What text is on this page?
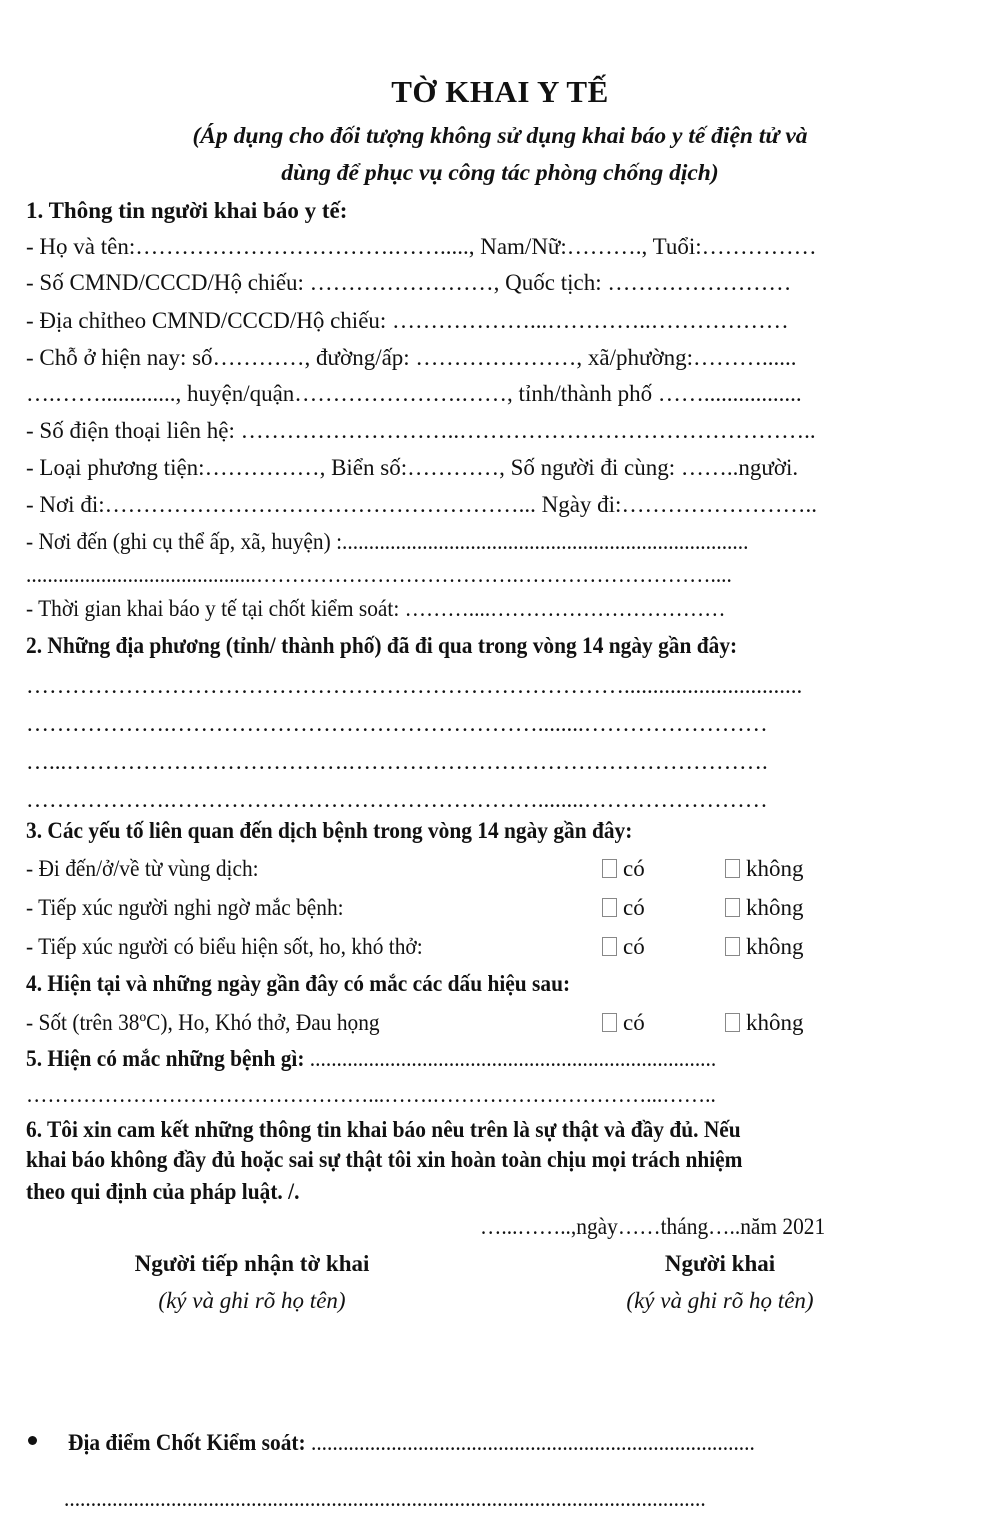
TỜ KHAI Y TẾ
(Áp dụng cho đối tượng không sử dụng khai báo y tế điện tử và
dùng để phục vụ công tác phòng chống dịch)
1. Thông tin người khai báo y tế:
- Họ và tên:…………………………….……....., Nam/Nữ:………., Tuổi:……………
- Số CMND/CCCD/Hộ chiếu: ……………………, Quốc tịch: ……………………
- Địa chỉtheo CMND/CCCD/Hộ chiếu: ………………...…………..………………
- Chỗ ở hiện nay: số…………, đường/ấp: …………………, xã/phường:………......
….……............., huyện/quận………………….……, tỉnh/thành phố …….................
- Số điện thoại liên hệ: ………………………..………………………………………..
- Loại phương tiện:……………, Biển số:…………, Số người đi cùng: ……..người.
- Nơi đi:………………………………………………... Ngày đi:……………………..
- Nơi đến (ghi cụ thể ấp, xã, huyện) :............................................................................
...........................................……………………………….………………………....
- Thời gian khai báo y tế tại chốt kiểm soát: ………....……………………………
2. Những địa phương (tỉnh/ thành phố) đã đi qua trong vòng 14 ngày gần đây:
……………………………………………………………………...............................
……………….…………………………………………........……………………
…...……………………………….……………………………………………….
……………….…………………………………………........……………………
3. Các yếu tố liên quan đến dịch bệnh trong vòng 14 ngày gần đây:
- Đi đến/ở/về từ vùng dịch:	có	không
- Tiếp xúc người nghi ngờ mắc bệnh:	có	không
- Tiếp xúc người có biểu hiện sốt, ho, khó thở:	có	không
4. Hiện tại và những ngày gần đây có mắc các dấu hiệu sau:
- Sốt (trên 38ºC), Ho, Khó thở, Đau họng	có	không
5. Hiện có mắc những bệnh gì: ............................................................................
…………………………………………...…….…………………………...……..
6. Tôi xin cam kết những thông tin khai báo nêu trên là sự thật và đầy đủ. Nếu
khai báo không đầy đủ hoặc sai sự thật tôi xin hoàn toàn chịu mọi trách nhiệm
theo qui định của pháp luật. /.
…...……..,ngày……tháng…..năm 2021
Người tiếp nhận tờ khai
(ký và ghi rõ họ tên)
Người khai
(ký và ghi rõ họ tên)
Địa điểm Chốt Kiểm soát: ...................................................................................
........................................................................................................................
